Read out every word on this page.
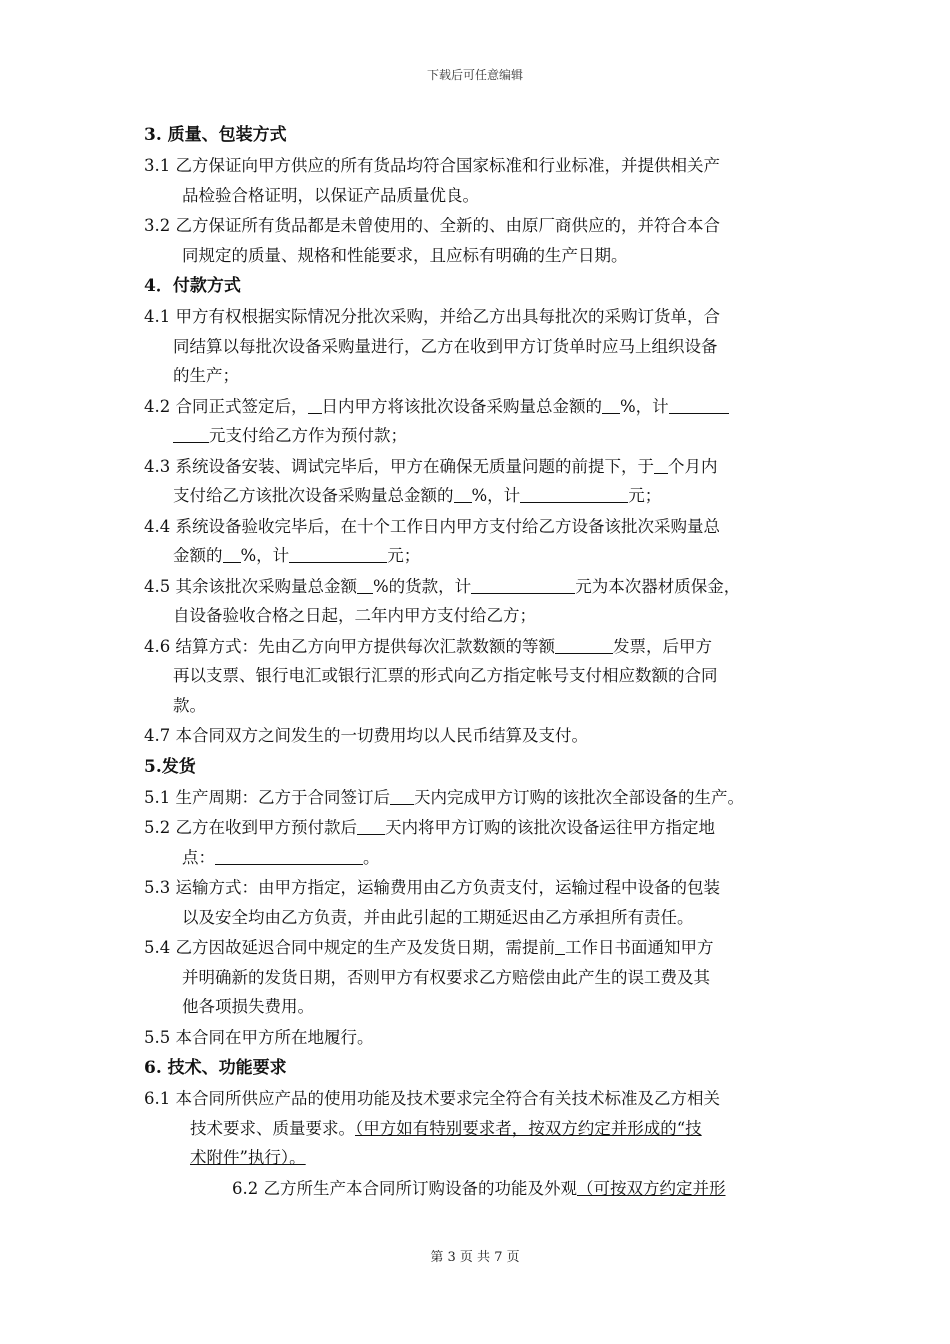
下载后可任意编辑
3. 质量、包装方式
3.1 乙方保证向甲方供应的所有货品均符合国家标准和行业标准，并提供相关产
品检验合格证明，以保证产品质量优良。
3.2 乙方保证所有货品都是未曾使用的、全新的、由原厂商供应的，并符合本合
同规定的质量、规格和性能要求，且应标有明确的生产日期。
4．付款方式
4.1 甲方有权根据实际情况分批次采购，并给乙方出具每批次的采购订货单，合
同结算以每批次设备采购量进行，乙方在收到甲方订货单时应马上组织设备
的生产；
4.2 合同正式签定后， 日内甲方将该批次设备采购量总金额的 %，计
元支付给乙方作为预付款；
4.3 系统设备安装、调试完毕后，甲方在确保无质量问题的前提下，于 个月内
支付给乙方该批次设备采购量总金额的 %，计	元；
4.4 系统设备验收完毕后，在十个工作日内甲方支付给乙方设备该批次采购量总
金额的 %，计	元；
4.5 其余该批次采购量总金额 %的货款，计	元为本次器材质保金，
自设备验收合格之日起，二年内甲方支付给乙方；
4.6 结算方式：先由乙方向甲方提供每次汇款数额的等额	发票，后甲方
再以支票、银行电汇或银行汇票的形式向乙方指定帐号支付相应数额的合同
款。
4.7 本合同双方之间发生的一切费用均以人民币结算及支付。
5.发货
5.1 生产周期：乙方于合同签订后 天内完成甲方订购的该批次全部设备的生产。
5.2 乙方在收到甲方预付款后 天内将甲方订购的该批次设备运往甲方指定地
点：	。
5.3 运输方式：由甲方指定，运输费用由乙方负责支付，运输过程中设备的包装
以及安全均由乙方负责，并由此引起的工期延迟由乙方承担所有责任。
5.4 乙方因故延迟合同中规定的生产及发货日期，需提前 工作日书面通知甲方
并明确新的发货日期，否则甲方有权要求乙方赔偿由此产生的误工费及其
他各项损失费用。
5.5 本合同在甲方所在地履行。
6. 技术、功能要求
6.1 本合同所供应产品的使用功能及技术要求完全符合有关技术标准及乙方相关
技术要求、质量要求。（甲方如有特别要求者，按双方约定并形成的“技
术附件”执行）。
6.2 乙方所生产本合同所订购设备的功能及外观（可按双方约定并形
第 3 页 共 7 页
